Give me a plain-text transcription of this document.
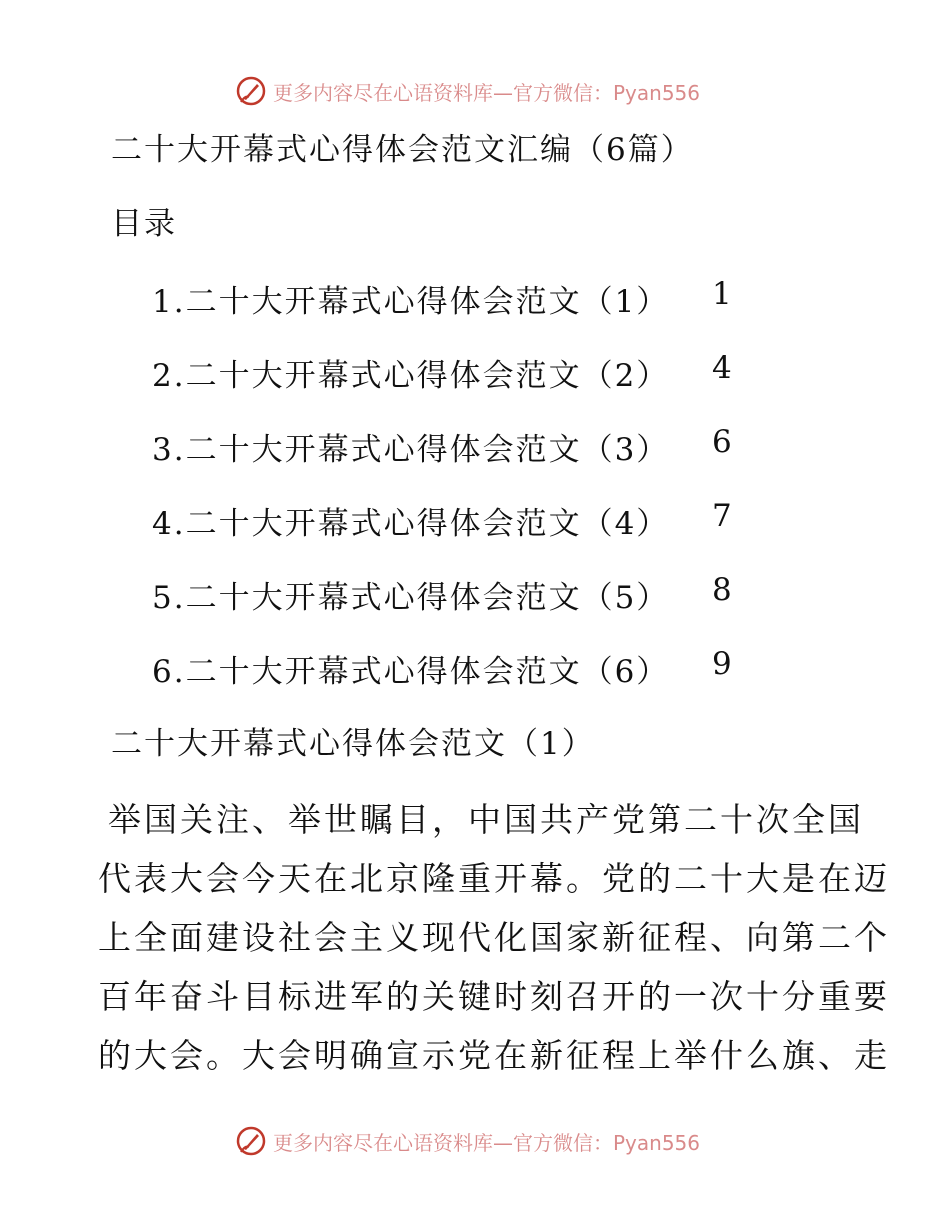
更多内容尽在心语资料库—官方微信：Pyan556
二十大开幕式心得体会范文汇编（6篇）
目录
1.二十大开幕式心得体会范文（1）	1
2.二十大开幕式心得体会范文（2）	4
3.二十大开幕式心得体会范文（3）	6
4.二十大开幕式心得体会范文（4）	7
5.二十大开幕式心得体会范文（5）	8
6.二十大开幕式心得体会范文（6）	9
二十大开幕式心得体会范文（1）
举国关注、举世瞩目，中国共产党第二十次全国
代表大会今天在北京隆重开幕。党的二十大是在迈
上全面建设社会主义现代化国家新征程、向第二个
百年奋斗目标进军的关键时刻召开的一次十分重要
的大会。大会明确宣示党在新征程上举什么旗、走
更多内容尽在心语资料库—官方微信：Pyan556
